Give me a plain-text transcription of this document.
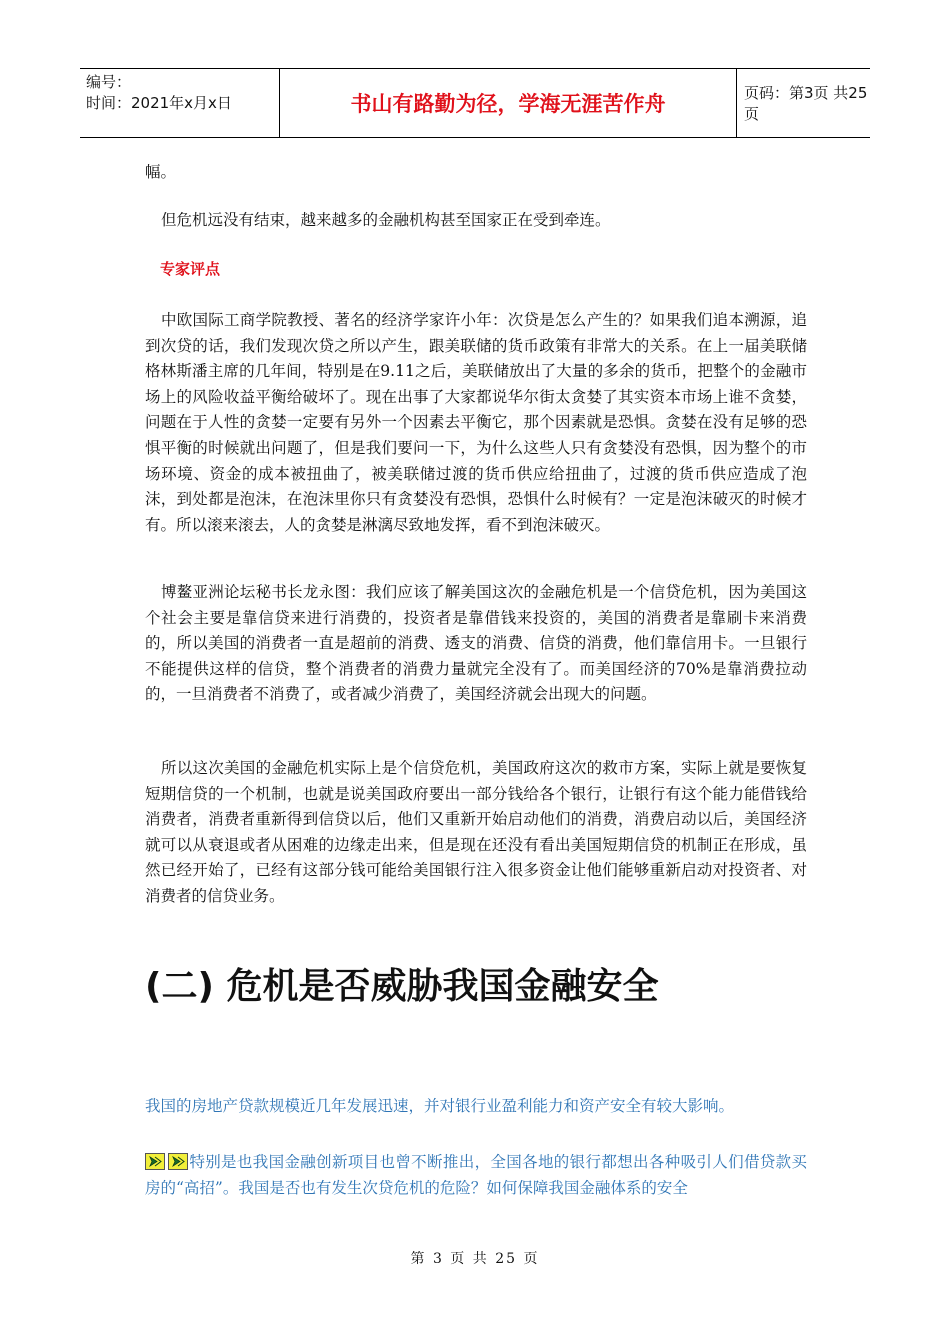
编号：
时间：2021年x月x日	书山有路勤为径，学海无涯苦作舟	页码：第3页 共25页

幅。

但危机远没有结束，越来越多的金融机构甚至国家正在受到牵连。

专家评点

中欧国际工商学院教授、著名的经济学家许小年：次贷是怎么产生的？如果我们追本溯源，追到次贷的话，我们发现次贷之所以产生，跟美联储的货币政策有非常大的关系。在上一届美联储格林斯潘主席的几年间，特别是在9.11之后，美联储放出了大量的多余的货币，把整个的金融市场上的风险收益平衡给破坏了。现在出事了大家都说华尔街太贪婪了其实资本市场上谁不贪婪，问题在于人性的贪婪一定要有另外一个因素去平衡它，那个因素就是恐惧。贪婪在没有足够的恐惧平衡的时候就出问题了，但是我们要问一下，为什么这些人只有贪婪没有恐惧，因为整个的市场环境、资金的成本被扭曲了，被美联储过渡的货币供应给扭曲了，过渡的货币供应造成了泡沫，到处都是泡沫，在泡沫里你只有贪婪没有恐惧，恐惧什么时候有？一定是泡沫破灭的时候才有。所以滚来滚去，人的贪婪是淋漓尽致地发挥，看不到泡沫破灭。

博鳌亚洲论坛秘书长龙永图：我们应该了解美国这次的金融危机是一个信贷危机，因为美国这个社会主要是靠信贷来进行消费的，投资者是靠借钱来投资的，美国的消费者是靠刷卡来消费的，所以美国的消费者一直是超前的消费、透支的消费、信贷的消费，他们靠信用卡。一旦银行不能提供这样的信贷，整个消费者的消费力量就完全没有了。而美国经济的70%是靠消费拉动的，一旦消费者不消费了，或者减少消费了，美国经济就会出现大的问题。

所以这次美国的金融危机实际上是个信贷危机，美国政府这次的救市方案，实际上就是要恢复短期信贷的一个机制，也就是说美国政府要出一部分钱给各个银行，让银行有这个能力能借钱给消费者，消费者重新得到信贷以后，他们又重新开始启动他们的消费，消费启动以后，美国经济就可以从衰退或者从困难的边缘走出来，但是现在还没有看出美国短期信贷的机制正在形成，虽然已经开始了，已经有这部分钱可能给美国银行注入很多资金让他们能够重新启动对投资者、对消费者的信贷业务。

(二) 危机是否威胁我国金融安全

我国的房地产贷款规模近几年发展迅速，并对银行业盈利能力和资产安全有较大影响。

特别是也我国金融创新项目也曾不断推出，全国各地的银行都想出各种吸引人们借贷款买房的“高招”。我国是否也有发生次贷危机的危险？如何保障我国金融体系的安全

第 3 页 共 25 页
